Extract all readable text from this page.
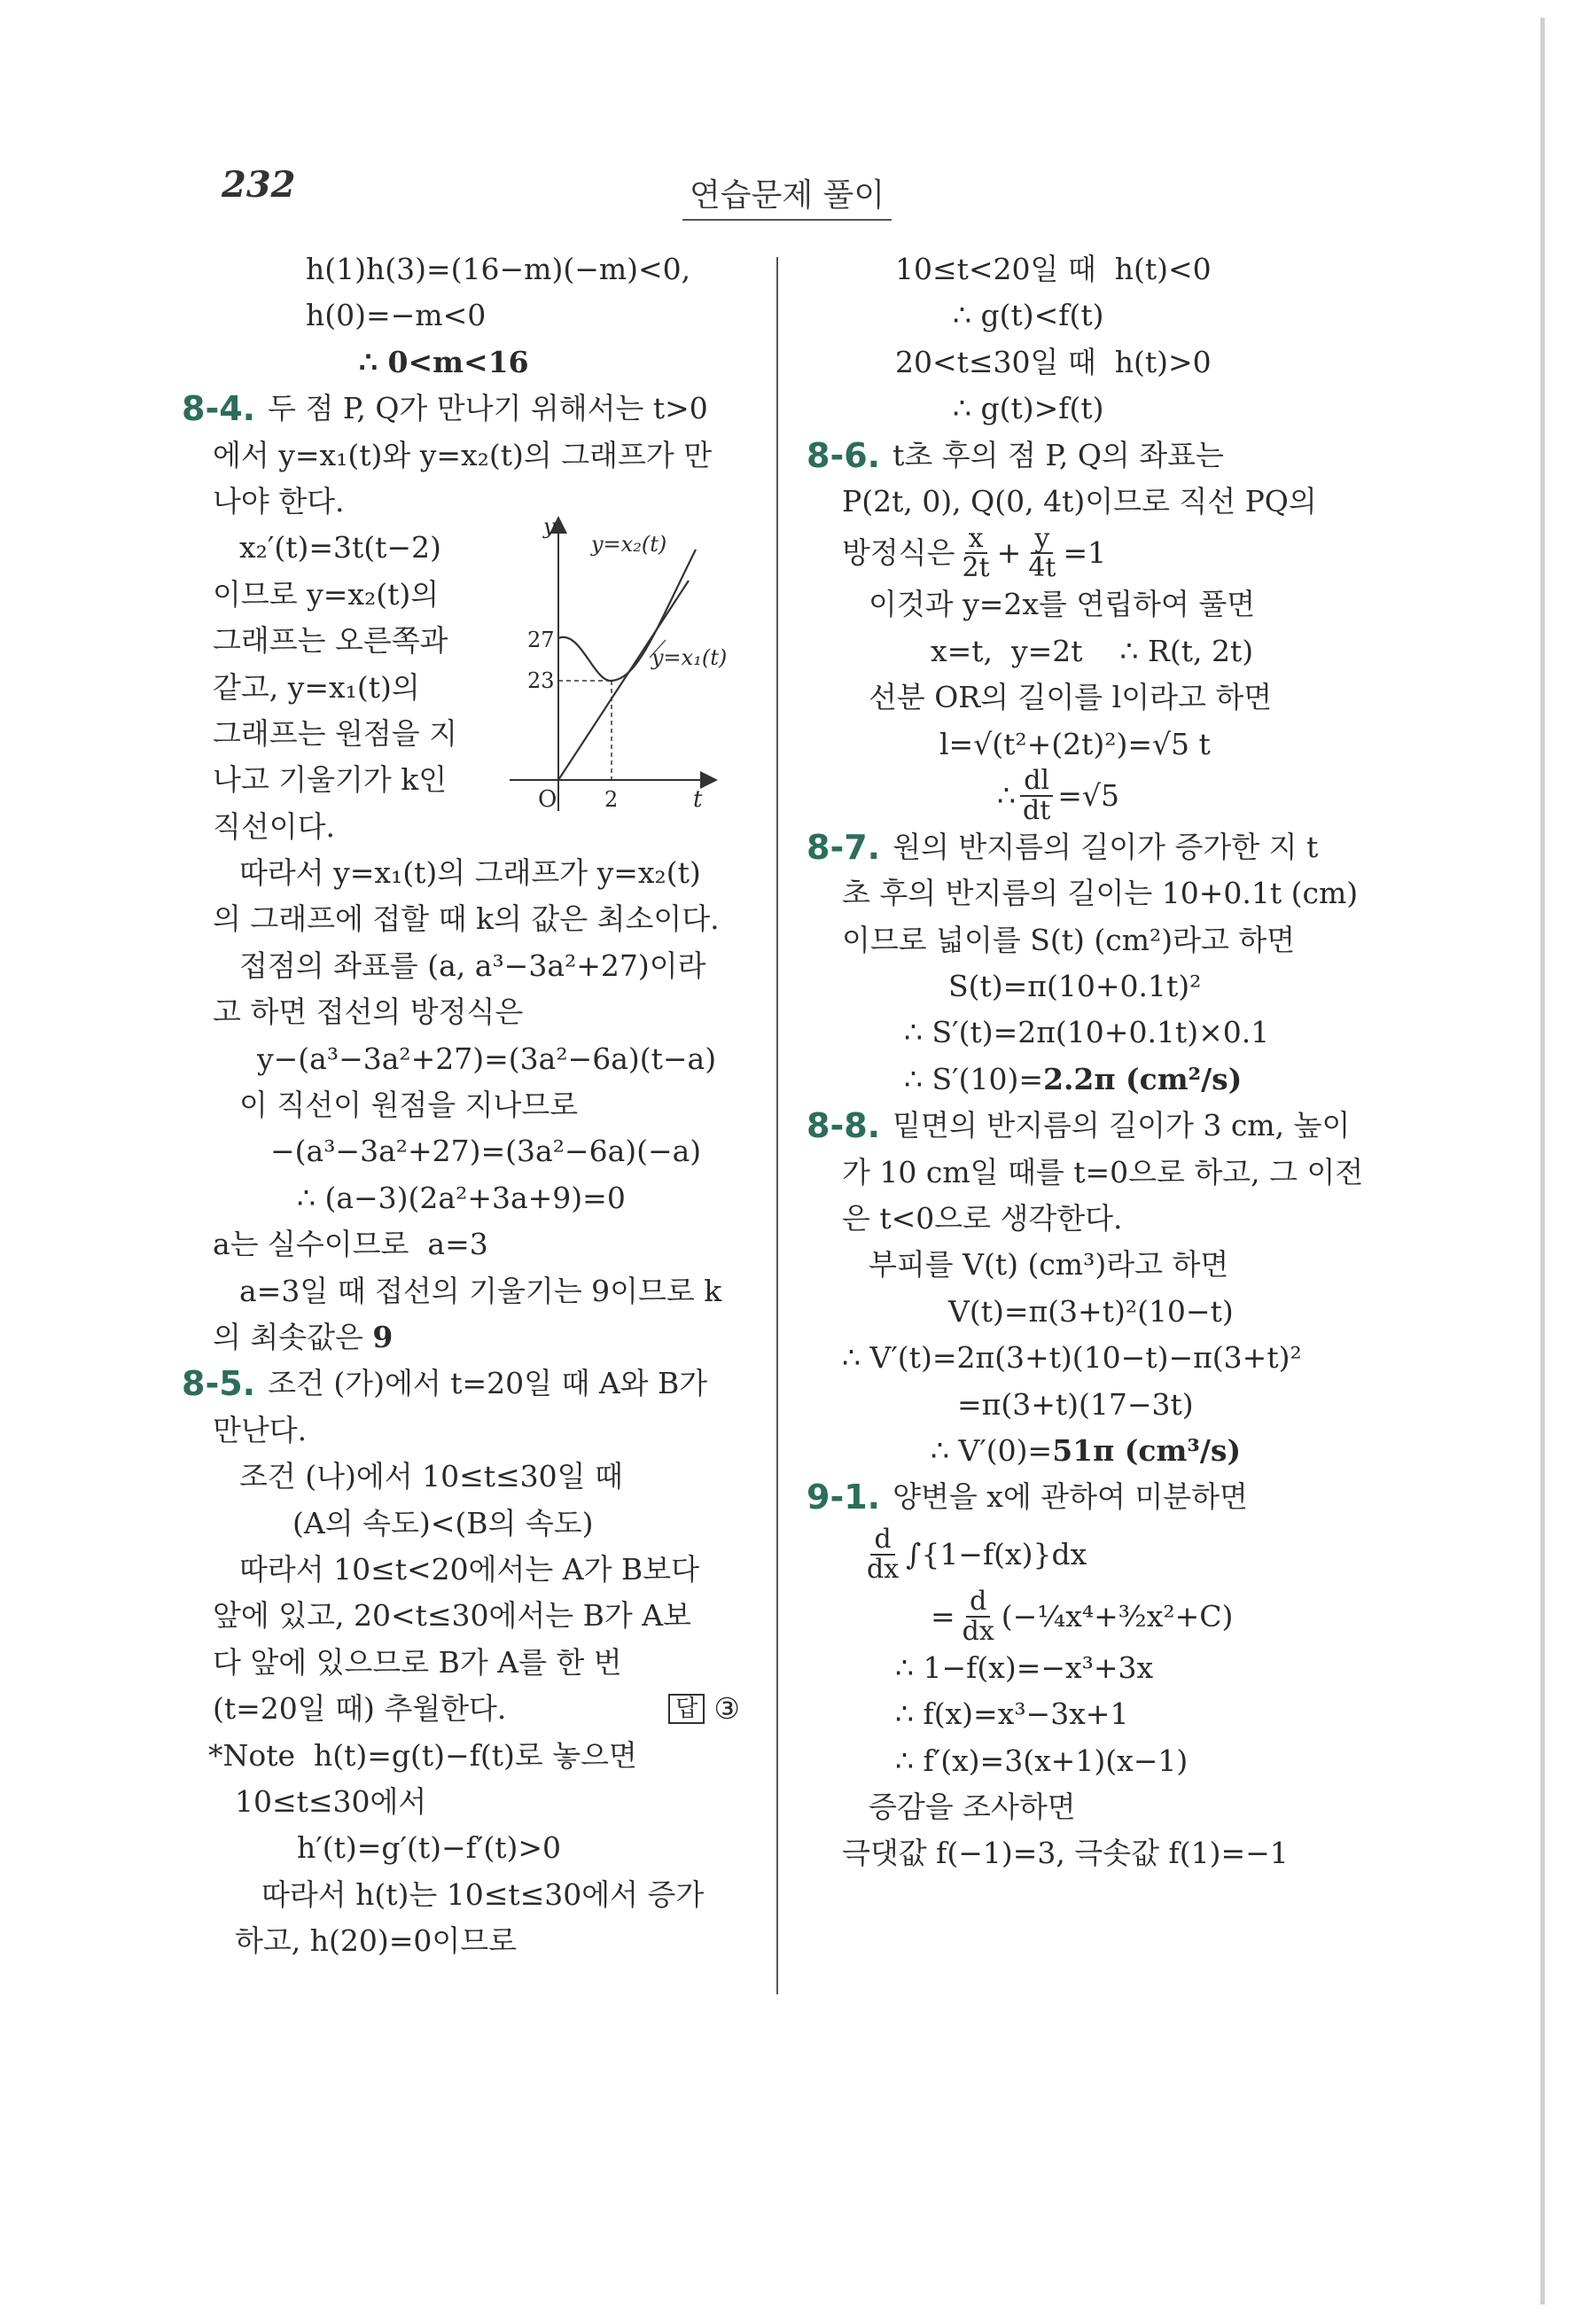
232	연습문제 풀이
h(1)h(3)=(16−m)(−m)<0,
h(0)=−m<0
∴ 0<m<16
8-4. 두 점 P, Q가 만나기 위해서는 t>0
에서 y=x₁(t)와 y=x₂(t)의 그래프가 만
나야 한다.
x₂′(t)=3t(t−2)
이므로 y=x₂(t)의
그래프는 오른쪽과
같고, y=x₁(t)의
그래프는 원점을 지
나고 기울기가 k인
직선이다.
따라서 y=x₁(t)의 그래프가 y=x₂(t)
의 그래프에 접할 때 k의 값은 최소이다.
접점의 좌표를 (a, a³−3a²+27)이라
고 하면 접선의 방정식은
y−(a³−3a²+27)=(3a²−6a)(t−a)
이 직선이 원점을 지나므로
−(a³−3a²+27)=(3a²−6a)(−a)
∴ (a−3)(2a²+3a+9)=0
a는 실수이므로  a=3
a=3일 때 접선의 기울기는 9이므로 k
의 최솟값은 9
8-5. 조건 (가)에서 t=20일 때 A와 B가
만난다.
조건 (나)에서 10≤t≤30일 때
(A의 속도)<(B의 속도)
따라서 10≤t<20에서는 A가 B보다
앞에 있고, 20<t≤30에서는 B가 A보
다 앞에 있으므로 B가 A를 한 번
(t=20일 때) 추월한다.	답 ③
*Note  h(t)=g(t)−f(t)로 놓으면
10≤t≤30에서
h′(t)=g′(t)−f′(t)>0
따라서 h(t)는 10≤t≤30에서 증가
하고, h(20)=0이므로
10≤t<20일 때  h(t)<0
∴ g(t)<f(t)
20<t≤30일 때  h(t)>0
∴ g(t)>f(t)
8-6. t초 후의 점 P, Q의 좌표는
P(2t, 0), Q(0, 4t)이므로 직선 PQ의
방정식은 $\frac{x}{2t} + \frac{y}{4t} =1$
이것과 y=2x를 연립하여 풀면
x=t,  y=2t    ∴ R(t, 2t)
선분 OR의 길이를 l이라고 하면
l=√(t²+(2t)²)=√5 t
∴ $\frac{dl}{dt} =√5$
8-7. 원의 반지름의 길이가 증가한 지 t
초 후의 반지름의 길이는 10+0.1t (cm)
이므로 넓이를 S(t) (cm²)라고 하면
S(t)=π(10+0.1t)²
∴ S′(t)=2π(10+0.1t)×0.1
∴ S′(10)= 2.2π (cm²/s)
8-8. 밑면의 반지름의 길이가 3 cm, 높이
가 10 cm일 때를 t=0으로 하고, 그 이전
은 t<0으로 생각한다.
부피를 V(t) (cm³)라고 하면
V(t)=π(3+t)²(10−t)
∴ V′(t)=2π(3+t)(10−t)−π(3+t)²
=π(3+t)(17−3t)
∴ V′(0)= 51π (cm³/s)
9-1. 양변을 x에 관하여 미분하면
$\frac{d}{dx} \int\{1-f(x)\}dx$
= $\frac{d}{dx}$ (−¼x⁴+³⁄₂x²+C)
∴ 1−f(x)=−x³+3x
∴ f(x)=x³−3x+1
∴ f′(x)=3(x+1)(x−1)
증감을 조사하면
극댓값 f(−1)=3, 극솟값 f(1)=−1
y
t
O
y=x₂(t)
y=x₁(t)
27
23
2
